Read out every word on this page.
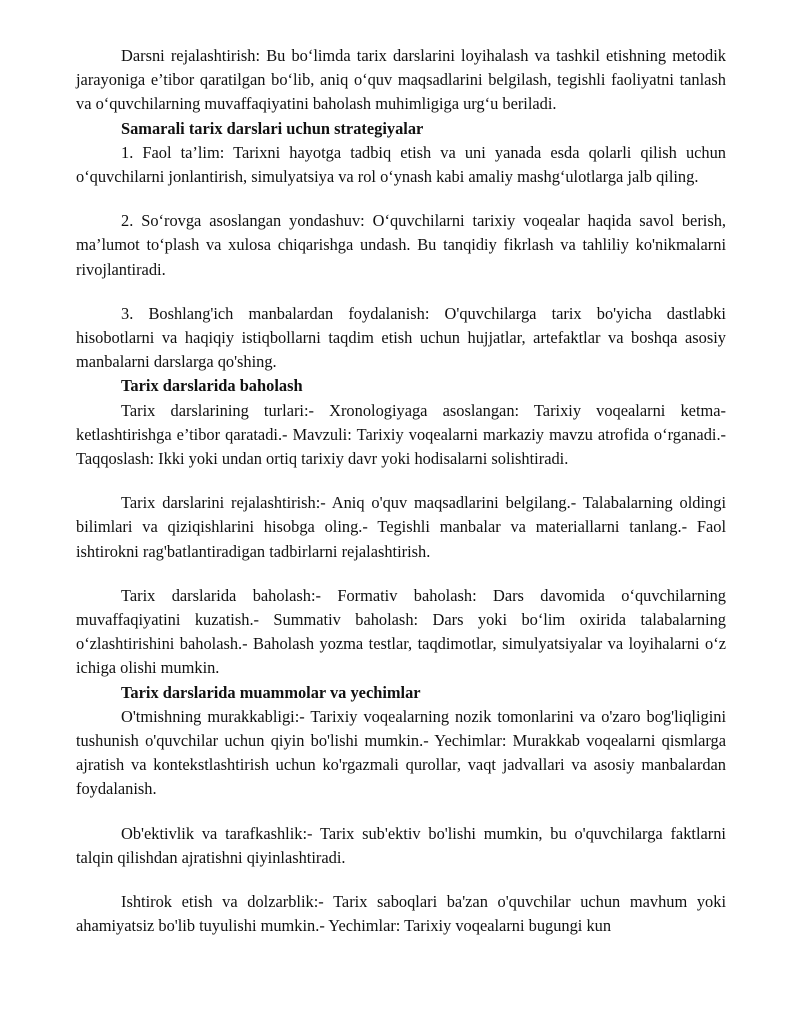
Darsni rejalashtirish: Bu bo‘limda tarix darslarini loyihalash va tashkil etishning metodik jarayoniga e’tibor qaratilgan bo‘lib, aniq o‘quv maqsadlarini belgilash, tegishli faoliyatni tanlash va o‘quvchilarning muvaffaqiyatini baholash muhimligiga urg‘u beriladi.

Samarali tarix darslari uchun strategiyalar

1. Faol ta’lim: Tarixni hayotga tadbiq etish va uni yanada esda qolarli qilish uchun o‘quvchilarni jonlantirish, simulyatsiya va rol o‘ynash kabi amaliy mashg‘ulotlarga jalb qiling.

2. So‘rovga asoslangan yondashuv: O‘quvchilarni tarixiy voqealar haqida savol berish, ma’lumot to‘plash va xulosa chiqarishga undash. Bu tanqidiy fikrlash va tahliliy ko'nikmalarni rivojlantiradi.

3. Boshlang'ich manbalardan foydalanish: O'quvchilarga tarix bo'yicha dastlabki hisobotlarni va haqiqiy istiqbollarni taqdim etish uchun hujjatlar, artefaktlar va boshqa asosiy manbalarni darslarga qo'shing.

Tarix darslarida baholash

Tarix darslarining turlari:- Xronologiyaga asoslangan: Tarixiy voqealarni ketma-ketlashtirishga e’tibor qaratadi.- Mavzuli: Tarixiy voqealarni markaziy mavzu atrofida o‘rganadi.- Taqqoslash: Ikki yoki undan ortiq tarixiy davr yoki hodisalarni solishtiradi.

Tarix darslarini rejalashtirish:- Aniq o'quv maqsadlarini belgilang.- Talabalarning oldingi bilimlari va qiziqishlarini hisobga oling.- Tegishli manbalar va materiallarni tanlang.- Faol ishtirokni rag'batlantiradigan tadbirlarni rejalashtirish.

Tarix darslarida baholash:- Formativ baholash: Dars davomida o‘quvchilarning muvaffaqiyatini kuzatish.- Summativ baholash: Dars yoki bo‘lim oxirida talabalarning o‘zlashtirishini baholash.- Baholash yozma testlar, taqdimotlar, simulyatsiyalar va loyihalarni o‘z ichiga olishi mumkin.

Tarix darslarida muammolar va yechimlar

O'tmishning murakkabligi:- Tarixiy voqealarning nozik tomonlarini va o'zaro bog'liqligini tushunish o'quvchilar uchun qiyin bo'lishi mumkin.- Yechimlar: Murakkab voqealarni qismlarga ajratish va kontekstlashtirish uchun ko'rgazmali qurollar, vaqt jadvallari va asosiy manbalardan foydalanish.

Ob'ektivlik va tarafkashlik:- Tarix sub'ektiv bo'lishi mumkin, bu o'quvchilarga faktlarni talqin qilishdan ajratishni qiyinlashtiradi.

Ishtirok etish va dolzarblik:- Tarix saboqlari ba'zan o'quvchilar uchun mavhum yoki ahamiyatsiz bo'lib tuyulishi mumkin.- Yechimlar: Tarixiy voqealarni bugungi kun
